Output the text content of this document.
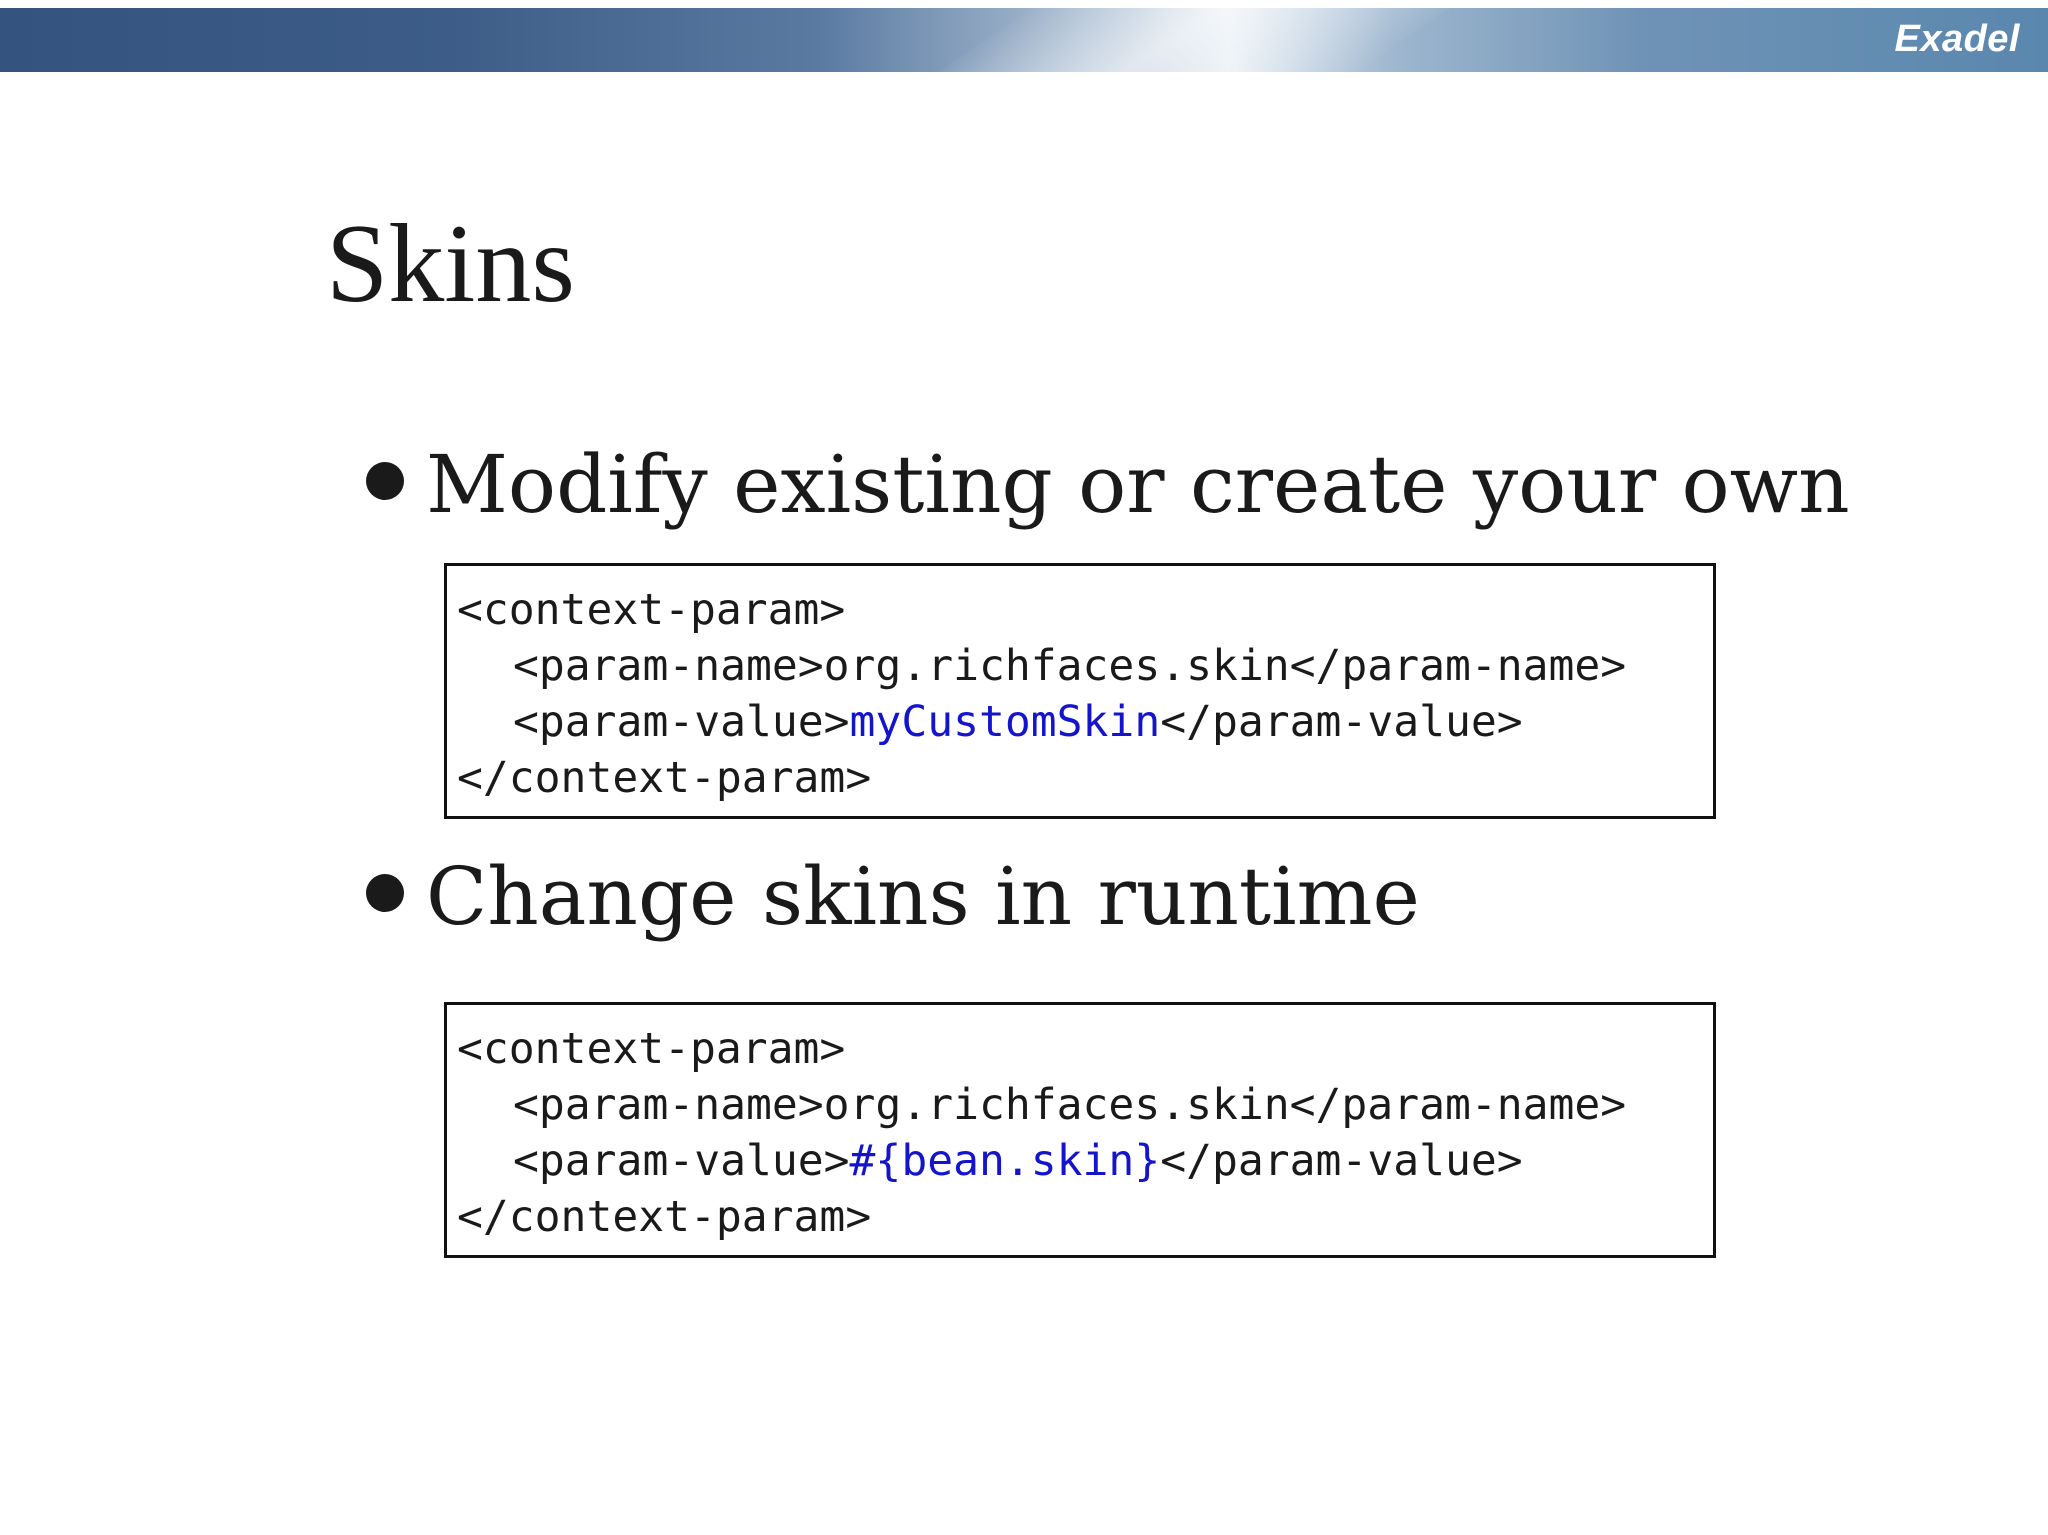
Exadel
Skins
Modify existing or create your own
<context-param>
<param-name>org.richfaces.skin</param-name>
<param-value>myCustomSkin</param-value>
</context-param>
Change skins in runtime
<context-param>
<param-name>org.richfaces.skin</param-name>
<param-value>#{bean.skin}</param-value>
</context-param>
